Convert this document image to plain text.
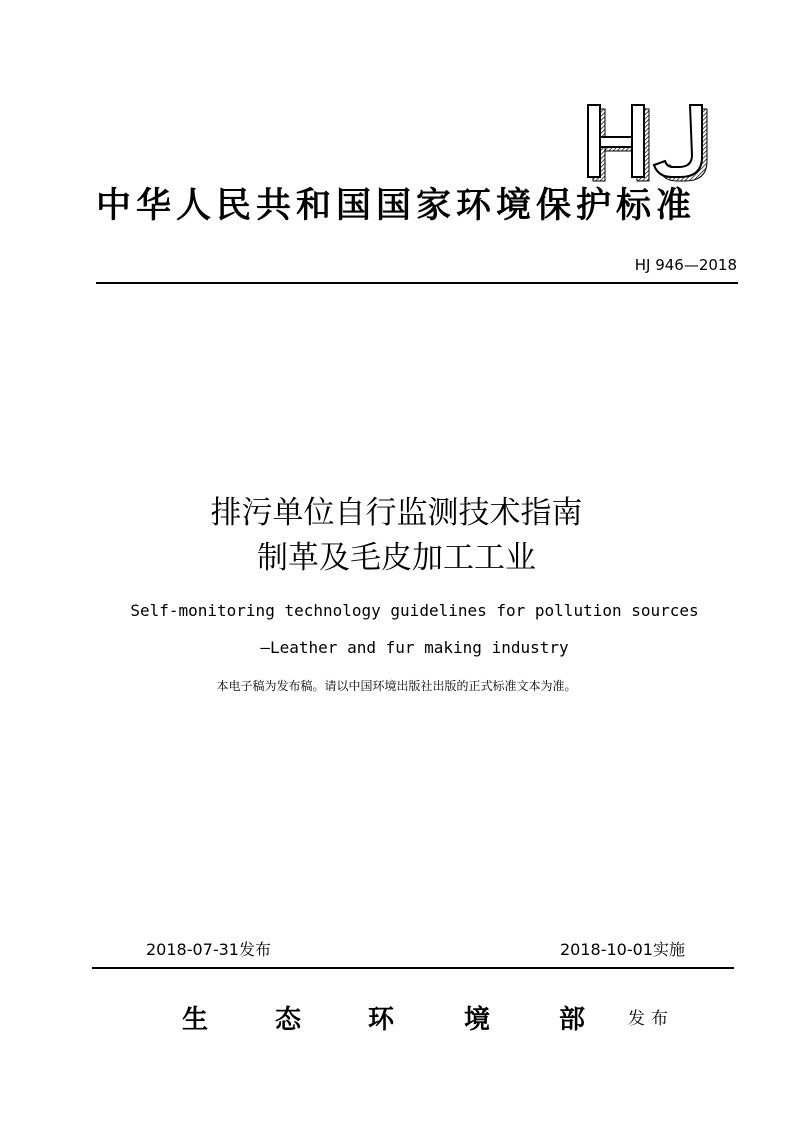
中华人民共和国国家环境保护标准
HJ 946—2018
排污单位自行监测技术指南
制革及毛皮加工工业
Self-monitoring technology guidelines for pollution sources
—Leather and fur making industry
本电子稿为发布稿。请以中国环境出版社出版的正式标准文本为准。
2018-07-31发布	2018-10-01实施
生	态	环	境	部	发布
